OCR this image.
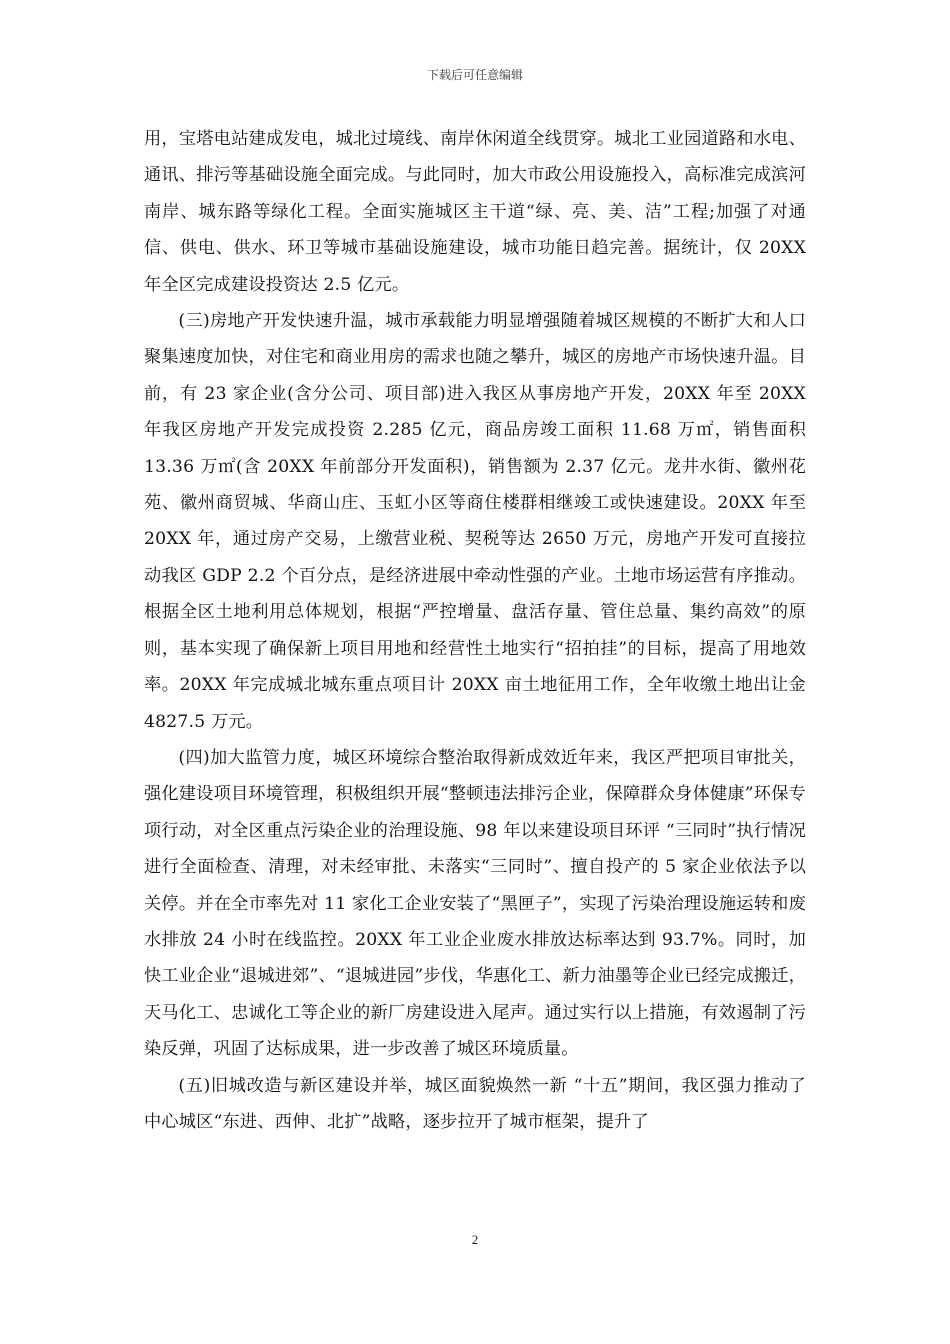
下载后可任意编辑

用，宝塔电站建成发电，城北过境线、南岸休闲道全线贯穿。城北工业园道路和水电、通讯、排污等基础设施全面完成。与此同时，加大市政公用设施投入，高标准完成滨河南岸、城东路等绿化工程。全面实施城区主干道“绿、亮、美、洁”工程;加强了对通信、供电、供水、环卫等城市基础设施建设，城市功能日趋完善。据统计，仅 20XX 年全区完成建设投资达 2.5 亿元。

(三)房地产开发快速升温，城市承载能力明显增强随着城区规模的不断扩大和人口聚集速度加快，对住宅和商业用房的需求也随之攀升，城区的房地产市场快速升温。目前，有 23 家企业(含分公司、项目部)进入我区从事房地产开发，20XX 年至 20XX 年我区房地产开发完成投资 2.285 亿元，商品房竣工面积 11.68 万㎡，销售面积 13.36 万㎡(含 20XX 年前部分开发面积)，销售额为 2.37 亿元。龙井水街、徽州花苑、徽州商贸城、华商山庄、玉虹小区等商住楼群相继竣工或快速建设。20XX 年至 20XX 年，通过房产交易，上缴营业税、契税等达 2650 万元，房地产开发可直接拉动我区 GDP 2.2 个百分点，是经济进展中牵动性强的产业。土地市场运营有序推动。根据全区土地利用总体规划，根据“严控增量、盘活存量、管住总量、集约高效”的原则，基本实现了确保新上项目用地和经营性土地实行“招拍挂”的目标，提高了用地效率。20XX 年完成城北城东重点项目计 20XX 亩土地征用工作，全年收缴土地出让金 4827.5 万元。

(四)加大监管力度，城区环境综合整治取得新成效近年来，我区严把项目审批关，强化建设项目环境管理，积极组织开展“整顿违法排污企业，保障群众身体健康”环保专项行动，对全区重点污染企业的治理设施、98 年以来建设项目环评 “三同时”执行情况进行全面检查、清理，对未经审批、未落实“三同时”、擅自投产的 5 家企业依法予以关停。并在全市率先对 11 家化工企业安装了“黑匣子”，实现了污染治理设施运转和废水排放 24 小时在线监控。20XX 年工业企业废水排放达标率达到 93.7%。同时，加快工业企业“退城进郊”、“退城进园”步伐，华惠化工、新力油墨等企业已经完成搬迁，天马化工、忠诚化工等企业的新厂房建设进入尾声。通过实行以上措施，有效遏制了污染反弹，巩固了达标成果，进一步改善了城区环境质量。

(五)旧城改造与新区建设并举，城区面貌焕然一新 “十五”期间，我区强力推动了中心城区“东进、西伸、北扩”战略，逐步拉开了城市框架，提升了

2
